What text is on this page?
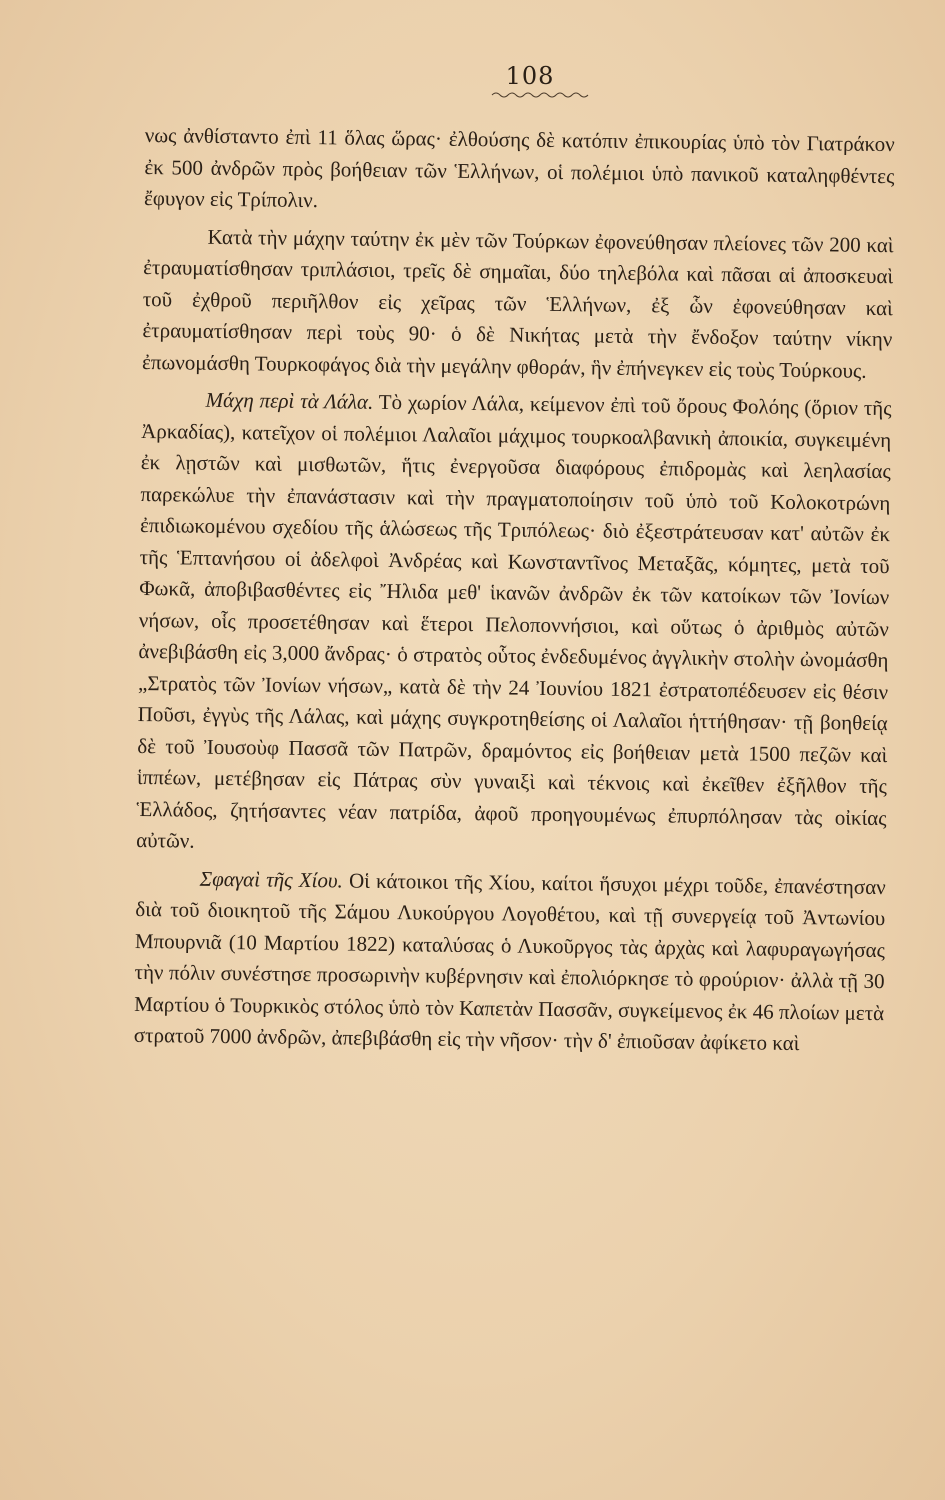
108

νως ἀνθίσταντο ἐπὶ 11 ὅλας ὥρας· ἐλθούσης δὲ κατόπιν ἐπικουρίας ὑπὸ τὸν Γιατράκον ἐκ 500 ἀνδρῶν πρὸς βοήθειαν τῶν Ἑλλήνων, οἱ πολέμιοι ὑπὸ πανικοῦ καταληφθέντες ἔφυγον εἰς Τρίπολιν.

Κατὰ τὴν μάχην ταύτην ἐκ μὲν τῶν Τούρκων ἐφονεύθησαν πλείονες τῶν 200 καὶ ἐτραυματίσθησαν τριπλάσιοι, τρεῖς δὲ σημαῖαι, δύο τηλεβόλα καὶ πᾶσαι αἱ ἀποσκευαὶ τοῦ ἐχθροῦ περιῆλθον εἰς χεῖρας τῶν Ἑλλήνων, ἐξ ὧν ἐφονεύθησαν καὶ ἐτραυματίσθησαν περὶ τοὺς 90· ὁ δὲ Νικήτας μετὰ τὴν ἔνδοξον ταύτην νίκην ἐπωνομάσθη Τουρκοφάγος διὰ τὴν μεγάλην φθοράν, ἣν ἐπήνεγκεν εἰς τοὺς Τούρκους.

Μάχη περὶ τὰ Λάλα. Τὸ χωρίον Λάλα, κείμενον ἐπὶ τοῦ ὄρους Φολόης (ὅριον τῆς Ἀρκαδίας), κατεῖχον οἱ πολέμιοι Λαλαῖοι μάχιμος τουρκοαλβανικὴ ἀποικία, συγκειμένη ἐκ λῃστῶν καὶ μισθωτῶν, ἥτις ἐνεργοῦσα διαφόρους ἐπιδρομὰς καὶ λεηλασίας παρεκώλυε τὴν ἐπανάστασιν καὶ τὴν πραγματοποίησιν τοῦ ὑπὸ τοῦ Κολοκοτρώνη ἐπιδιωκομένου σχεδίου τῆς ἁλώσεως τῆς Τριπόλεως· διὸ ἐξεστράτευσαν κατ' αὐτῶν ἐκ τῆς Ἑπτανήσου οἱ ἀδελφοὶ Ἀνδρέας καὶ Κωνσταντῖνος Μεταξᾶς, κόμητες, μετὰ τοῦ Φωκᾶ, ἀποβιβασθέντες εἰς Ἤλιδα μεθ' ἱκανῶν ἀνδρῶν ἐκ τῶν κατοίκων τῶν Ἰονίων νήσων, οἷς προσετέθησαν καὶ ἕτεροι Πελοποννήσιοι, καὶ οὕτως ὁ ἀριθμὸς αὐτῶν ἀνεβιβάσθη εἰς 3,000 ἄνδρας· ὁ στρατὸς οὗτος ἐνδεδυμένος ἀγγλικὴν στολὴν ὠνομάσθη „Στρατὸς τῶν Ἰονίων νήσων„ κατὰ δὲ τὴν 24 Ἰουνίου 1821 ἐστρατοπέδευσεν εἰς θέσιν Ποῦσι, ἐγγὺς τῆς Λάλας, καὶ μάχης συγκροτηθείσης οἱ Λαλαῖοι ἡττήθησαν· τῇ βοηθείᾳ δὲ τοῦ Ἰουσοὺφ Πασσᾶ τῶν Πατρῶν, δραμόντος εἰς βοήθειαν μετὰ 1500 πεζῶν καὶ ἱππέων, μετέβησαν εἰς Πάτρας σὺν γυναιξὶ καὶ τέκνοις καὶ ἐκεῖθεν ἐξῆλθον τῆς Ἑλλάδος, ζητήσαντες νέαν πατρίδα, ἀφοῦ προηγουμένως ἐπυρπόλησαν τὰς οἰκίας αὐτῶν.

Σφαγαὶ τῆς Χίου. Οἱ κάτοικοι τῆς Χίου, καίτοι ἥσυχοι μέχρι τοῦδε, ἐπανέστησαν διὰ τοῦ διοικητοῦ τῆς Σάμου Λυκούργου Λογοθέτου, καὶ τῇ συνεργείᾳ τοῦ Ἀντωνίου Μπουρνιᾶ (10 Μαρτίου 1822) καταλύσας ὁ Λυκοῦργος τὰς ἀρχὰς καὶ λαφυραγωγήσας τὴν πόλιν συνέστησε προσωρινὴν κυβέρνησιν καὶ ἐπολιόρκησε τὸ φρούριον· ἀλλὰ τῇ 30 Μαρτίου ὁ Τουρκικὸς στόλος ὑπὸ τὸν Καπετὰν Πασσᾶν, συγκείμενος ἐκ 46 πλοίων μετὰ στρατοῦ 7000 ἀνδρῶν, ἀπεβιβάσθη εἰς τὴν νῆσον· τὴν δ' ἐπιοῦσαν ἀφίκετο καὶ
